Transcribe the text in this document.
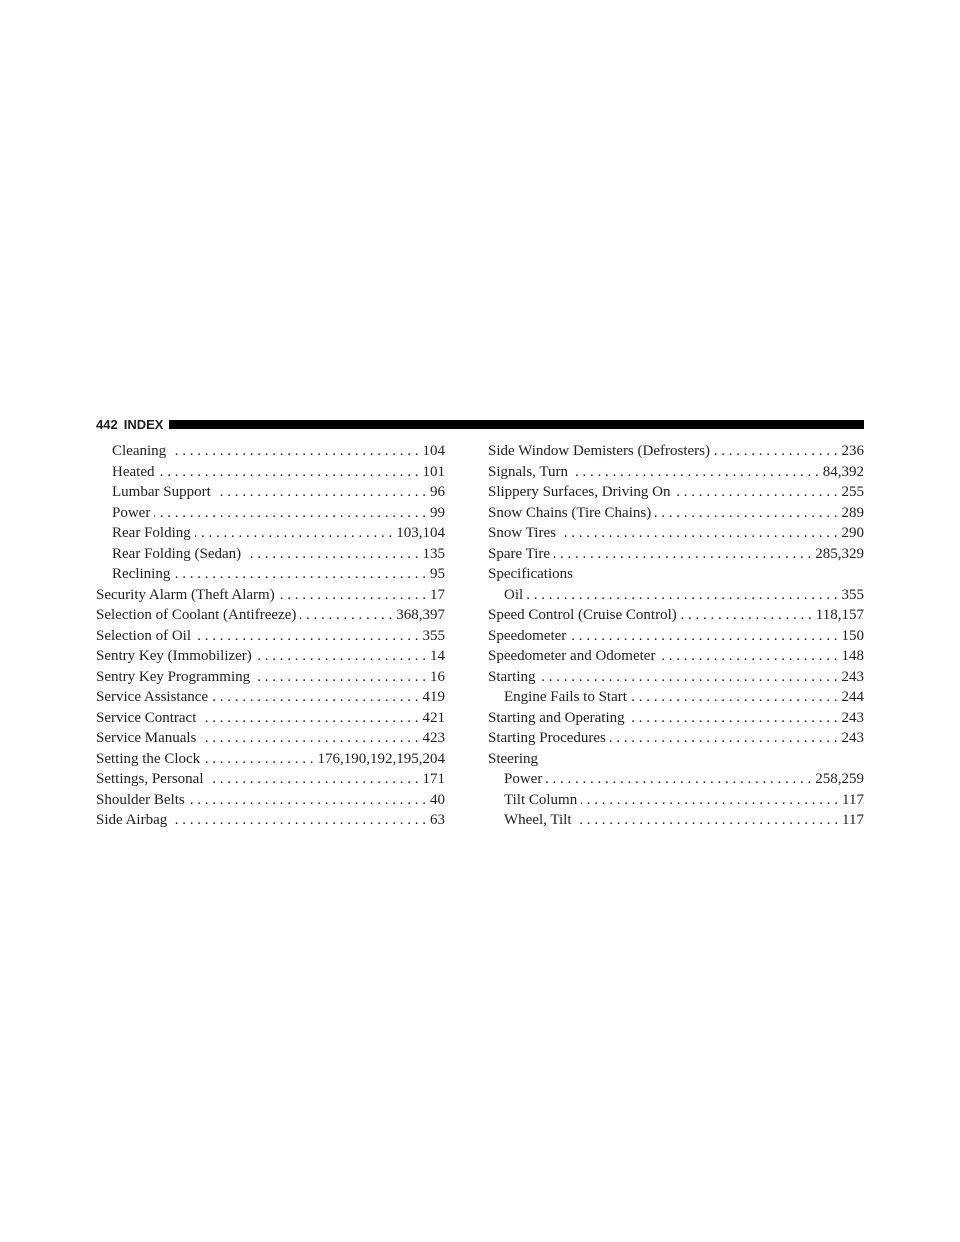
442 INDEX
Cleaning . . .	104
Heated . . .	101
Lumbar Support . . .	96
Power . . .	99
Rear Folding . . .	103,104
Rear Folding (Sedan) . . .	135
Reclining . . .	95
Security Alarm (Theft Alarm) . . .	17
Selection of Coolant (Antifreeze) . . .	368,397
Selection of Oil . . .	355
Sentry Key (Immobilizer) . . .	14
Sentry Key Programming . . .	16
Service Assistance . . .	419
Service Contract . . .	421
Service Manuals . . .	423
Setting the Clock . . .	176,190,192,195,204
Settings, Personal . . .	171
Shoulder Belts . . .	40
Side Airbag . . .	63
Side Window Demisters (Defrosters) . . .	236
Signals, Turn . . .	84,392
Slippery Surfaces, Driving On . . .	255
Snow Chains (Tire Chains) . . .	289
Snow Tires . . .	290
Spare Tire . . .	285,329
Specifications
Oil . . .	355
Speed Control (Cruise Control) . . .	118,157
Speedometer . . .	150
Speedometer and Odometer . . .	148
Starting . . .	243
Engine Fails to Start . . .	244
Starting and Operating . . .	243
Starting Procedures . . .	243
Steering
Power . . .	258,259
Tilt Column . . .	117
Wheel, Tilt . . .	117
